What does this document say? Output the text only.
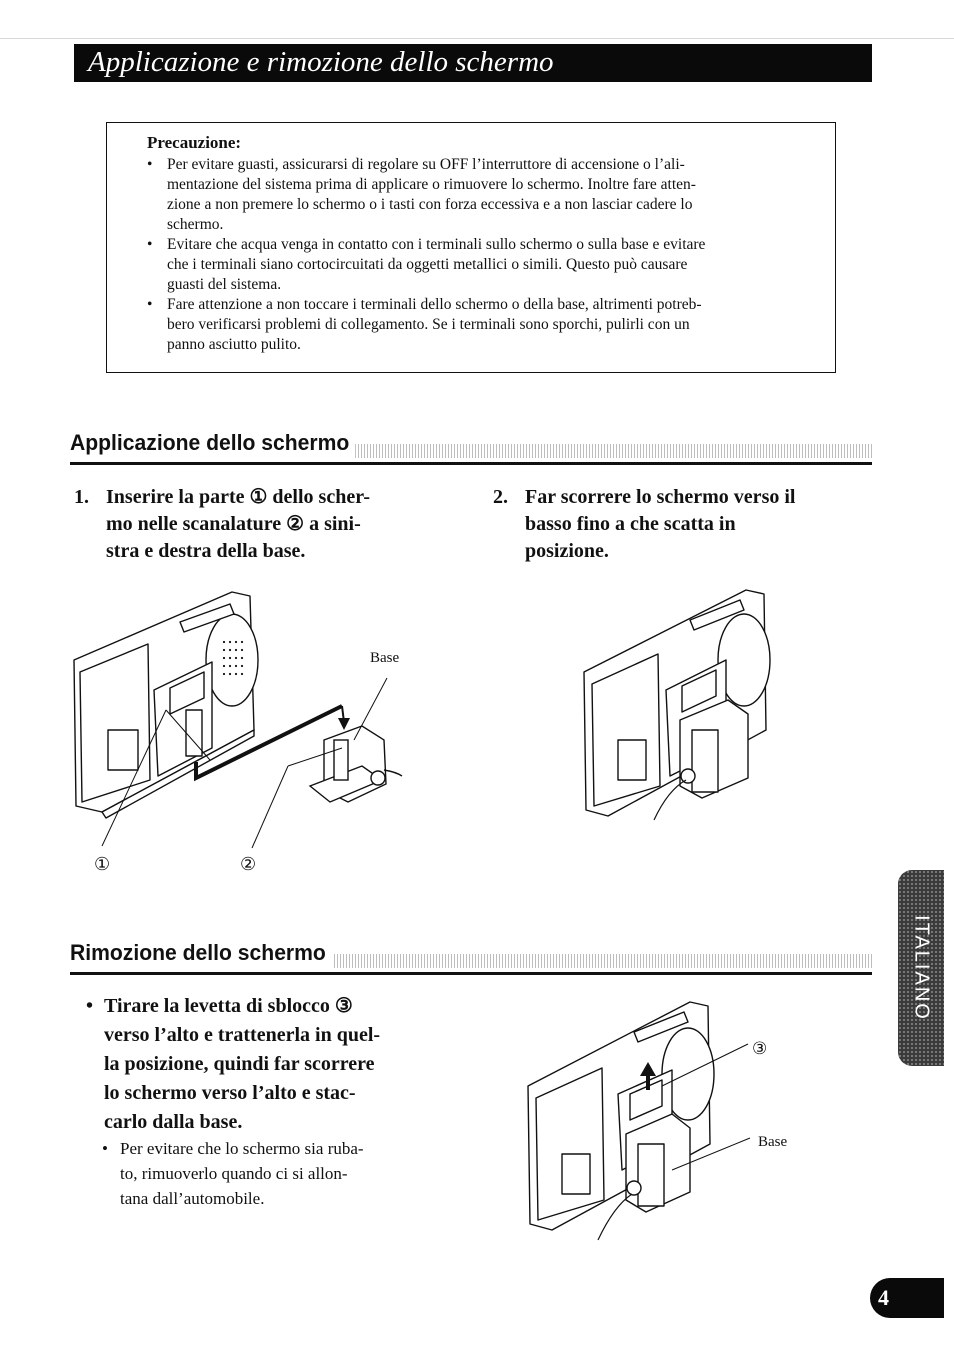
Applicazione e rimozione dello schermo
Precauzione:
• Per evitare guasti, assicurarsi di regolare su OFF l’interruttore di accensione o l’ali-
mentazione del sistema prima di applicare o rimuovere lo schermo. Inoltre fare atten-
zione a non premere lo schermo o i tasti con forza eccessiva e a non lasciar cadere lo
schermo.
• Evitare che acqua venga in contatto con i terminali sullo schermo o sulla base e evitare
che i terminali siano cortocircuitati da oggetti metallici o simili. Questo può causare
guasti del sistema.
• Fare attenzione a non toccare i terminali dello schermo o della base, altrimenti potreb-
bero verificarsi problemi di collegamento. Se i terminali sono sporchi, pulirli con un
panno asciutto pulito.
Applicazione dello schermo
1. Inserire la parte ① dello scher-
mo nelle scanalature ② a sini-
stra e destra della base.
2. Far scorrere lo schermo verso il
basso fino a che scatta in
posizione.
Base
①	②
Rimozione dello schermo
• Tirare la levetta di sblocco ③
verso l’alto e trattenerla in quel-
la posizione, quindi far scorrere
lo schermo verso l’alto e stac-
carlo dalla base.
• Per evitare che lo schermo sia ruba-
to, rimuoverlo quando ci si allon-
tana dall’automobile.
③
Base
ITALIANO
4
